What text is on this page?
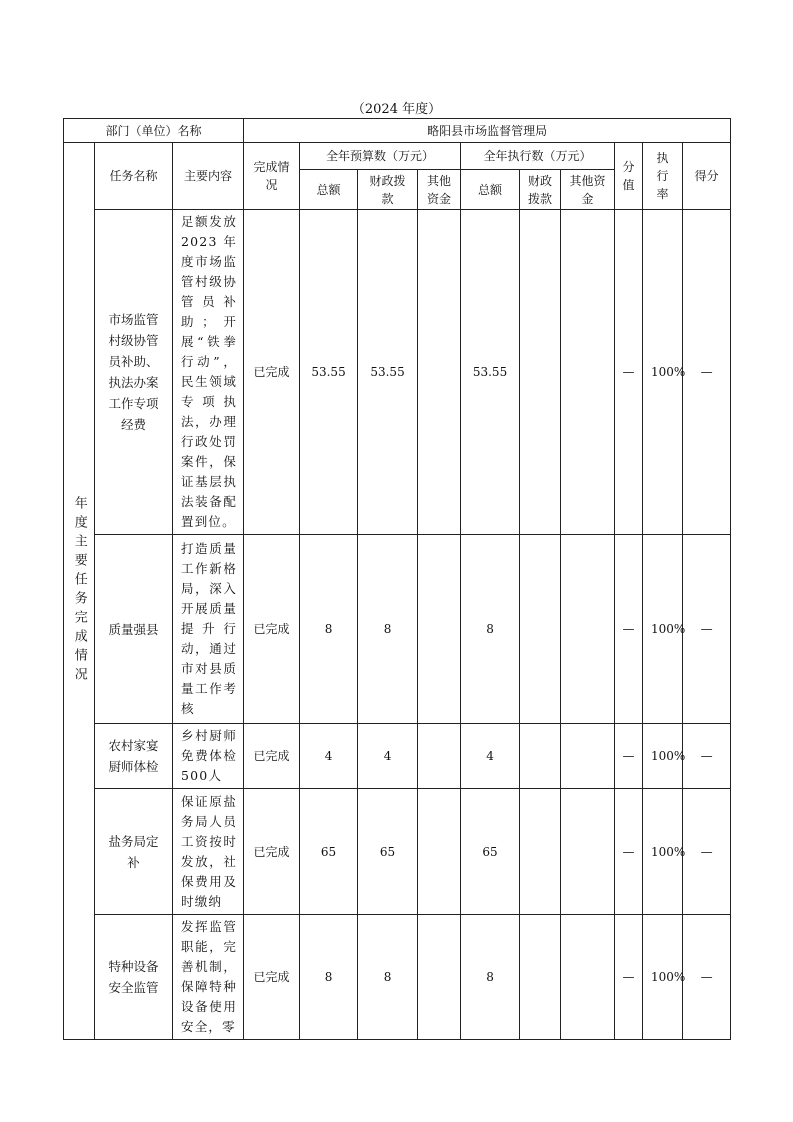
（2024 年度）
部门（单位）名称			略阳县市场监督管理局									

年度主要任务完成情况	任务名称	主要内容	完成情况	全年预算数（万元）			全年执行数（万元）			分值	执行率	得分
				总额	财政拨款	其他资金	总额	财政拨款	其他资金			
	市场监管村级协管员补助、执法办案工作专项经费	足额发放2023年度市场监管村级协管员补助；开展“铁拳行动”，民生领域专项执法，办理行政处罚案件，保证基层执法装备配置到位。	已完成	53.55	53.55		53.55			—	100%	—
	质量强县	打造质量工作新格局，深入开展质量提升行动，通过市对县质量工作考核	已完成	8	8		8			—	100%	—
	农村家宴厨师体检	乡村厨师免费体检500人	已完成	4	4		4			—	100%	—
	盐务局定补	保证原盐务局人员工资按时发放，社保费用及时缴纳	已完成	65	65		65			—	100%	—
	特种设备安全监管	发挥监管职能，完善机制，保障特种设备使用安全，零	已完成	8	8		8			—	100%	—
